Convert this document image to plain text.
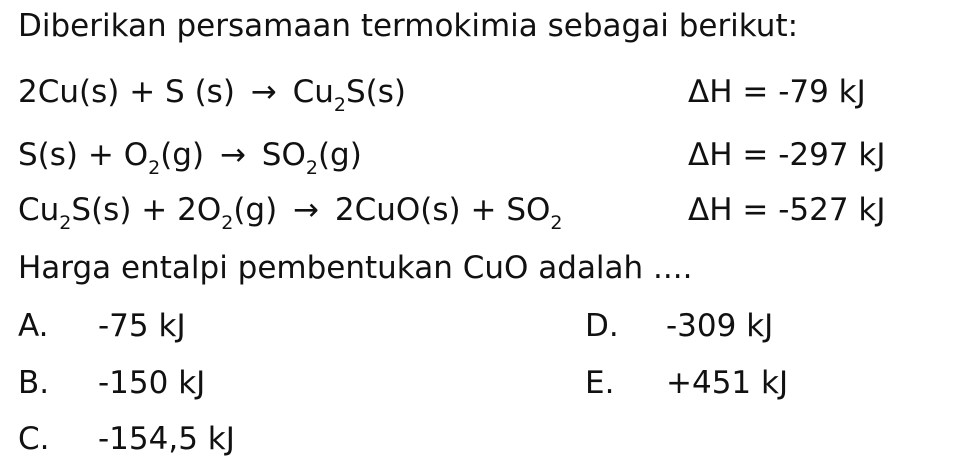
Diberikan persamaan termokimia sebagai berikut:
2Cu(s) + S $(s) \to Cu_2S(s)$	ΔH = -79 kJ
$S(s) + O_2(g) \to SO_2(g)$	ΔH = -297 kJ
$Cu_2S(s) + 2O_2(g) \to 2CuO(s) + SO_2$	ΔH = -527 kJ
Harga entalpi pembentukan CuO adalah ....
A. -75 kJ
B. -150 kJ
C. -154,5 kJ
D. -309 kJ
E. +451 kJ
